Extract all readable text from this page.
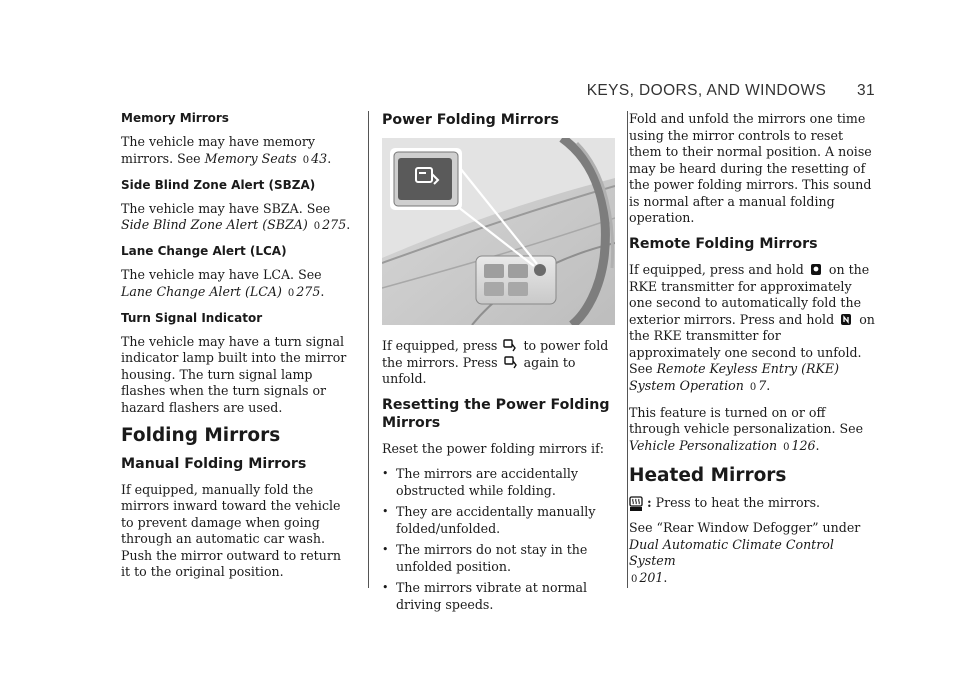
KEYS, DOORS, AND WINDOWS 31
Memory Mirrors

The vehicle may have memory mirrors. See Memory Seats 0 43.

Side Blind Zone Alert (SBZA)

The vehicle may have SBZA. See Side Blind Zone Alert (SBZA) 0 275.

Lane Change Alert (LCA)

The vehicle may have LCA. See Lane Change Alert (LCA) 0 275.

Turn Signal Indicator

The vehicle may have a turn signal indicator lamp built into the mirror housing. The turn signal lamp flashes when the turn signals or hazard flashers are used.

Folding Mirrors
Manual Folding Mirrors

If equipped, manually fold the mirrors inward toward the vehicle to prevent damage when going through an automatic car wash. Push the mirror outward to return it to the original position.

Power Folding Mirrors

If equipped, press to power fold the mirrors. Press again to unfold.

Resetting the Power Folding Mirrors

Reset the power folding mirrors if:

• The mirrors are accidentally obstructed while folding.
• They are accidentally manually folded/unfolded.
• The mirrors do not stay in the unfolded position.
• The mirrors vibrate at normal driving speeds.

Fold and unfold the mirrors one time using the mirror controls to reset them to their normal position. A noise may be heard during the resetting of the power folding mirrors. This sound is normal after a manual folding operation.

Remote Folding Mirrors

If equipped, press and hold on the RKE transmitter for approximately one second to automatically fold the exterior mirrors. Press and hold on the RKE transmitter for approximately one second to unfold. See Remote Keyless Entry (RKE) System Operation 0 7.

This feature is turned on or off through vehicle personalization. See Vehicle Personalization 0 126.

Heated Mirrors

: Press to heat the mirrors.

See “Rear Window Defogger” under Dual Automatic Climate Control System
0 201.
